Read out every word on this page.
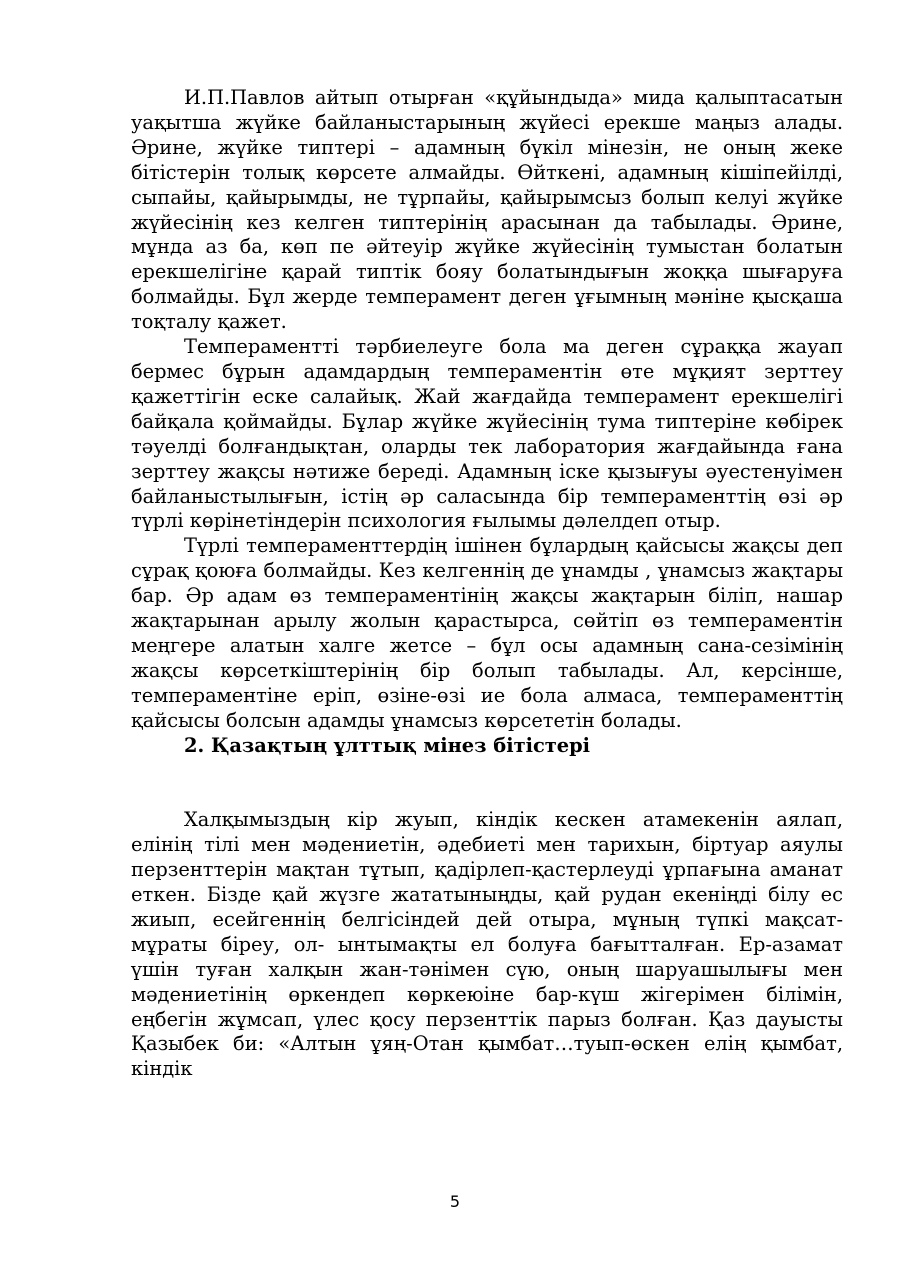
И.П.Павлов айтып отырған «құйындыда» мида қалыптасатын уақытша жүйке байланыстарының жүйесі ерекше маңыз алады. Әрине, жүйке типтері – адамның бүкіл мінезін, не оның жеке бітістерін толық көрсете алмайды. Өйткені, адамның кішіпейілді, сыпайы, қайырымды, не тұрпайы, қайырымсыз болып келуі жүйке жүйесінің кез келген типтерінің арасынан да табылады. Әрине, мұнда аз ба, көп пе әйтеуір жүйке жүйесінің тумыстан болатын ерекшелігіне қарай типтік бояу болатындығын жоққа шығаруға болмайды. Бұл жерде темперамент деген ұғымның мәніне қысқаша тоқталу қажет.

Темпераментті тәрбиелеуге бола ма деген сұраққа жауап бермес бұрын адамдардың темпераментін өте мұқият зерттеу қажеттігін еске салайық. Жай жағдайда темперамент ерекшелігі байқала қоймайды. Бұлар жүйке жүйесінің тума типтеріне көбірек тәуелді болғандықтан, оларды тек лаборатория жағдайында ғана зерттеу жақсы нәтиже береді. Адамның іске қызығуы әуестенуімен байланыстылығын, істің әр саласында бір темпераменттің өзі әр түрлі көрінетіндерін психология ғылымы дәлелдеп отыр.

Түрлі темпераменттердің ішінен бұлардың қайсысы жақсы деп сұрақ қоюға болмайды. Кез келгеннің де ұнамды , ұнамсыз жақтары бар. Әр адам өз темпераментінің жақсы жақтарын біліп, нашар жақтарынан арылу жолын қарастырса, сөйтіп өз темпераментін меңгере алатын халге жетсе – бұл осы адамның сана-сезімінің жақсы көрсеткіштерінің бір болып табылады. Ал, керсінше, темпераментіне еріп, өзіне-өзі ие бола алмаса, темпераменттің қайсысы болсын адамды ұнамсыз көрсететін болады.

2. Қазақтың ұлттық мінез бітістері

Халқымыздың кір жуып, кіндік кескен атамекенін аялап, елінің тілі мен мәдениетін, әдебиеті мен тарихын, біртуар аяулы перзенттерін мақтан тұтып, қадірлеп-қастерлеуді ұрпағына аманат еткен. Бізде қай жүзге жататыныңды, қай рудан екеніңді білу ес жиып, есейгеннің белгісіндей дей отыра, мұның түпкі мақсат-мұраты біреу, ол- ынтымақты ел болуға бағытталған. Ер-азамат үшін туған халқын жан-тәнімен сүю, оның шаруашылығы мен мәдениетінің өркендеп көркеюіне бар-күш жігерімен білімін, еңбегін жұмсап, үлес қосу перзенттік парыз болған. Қаз дауысты Қазыбек би: «Алтын ұяң-Отан қымбат…туып-өскен елің қымбат, кіндік

5
